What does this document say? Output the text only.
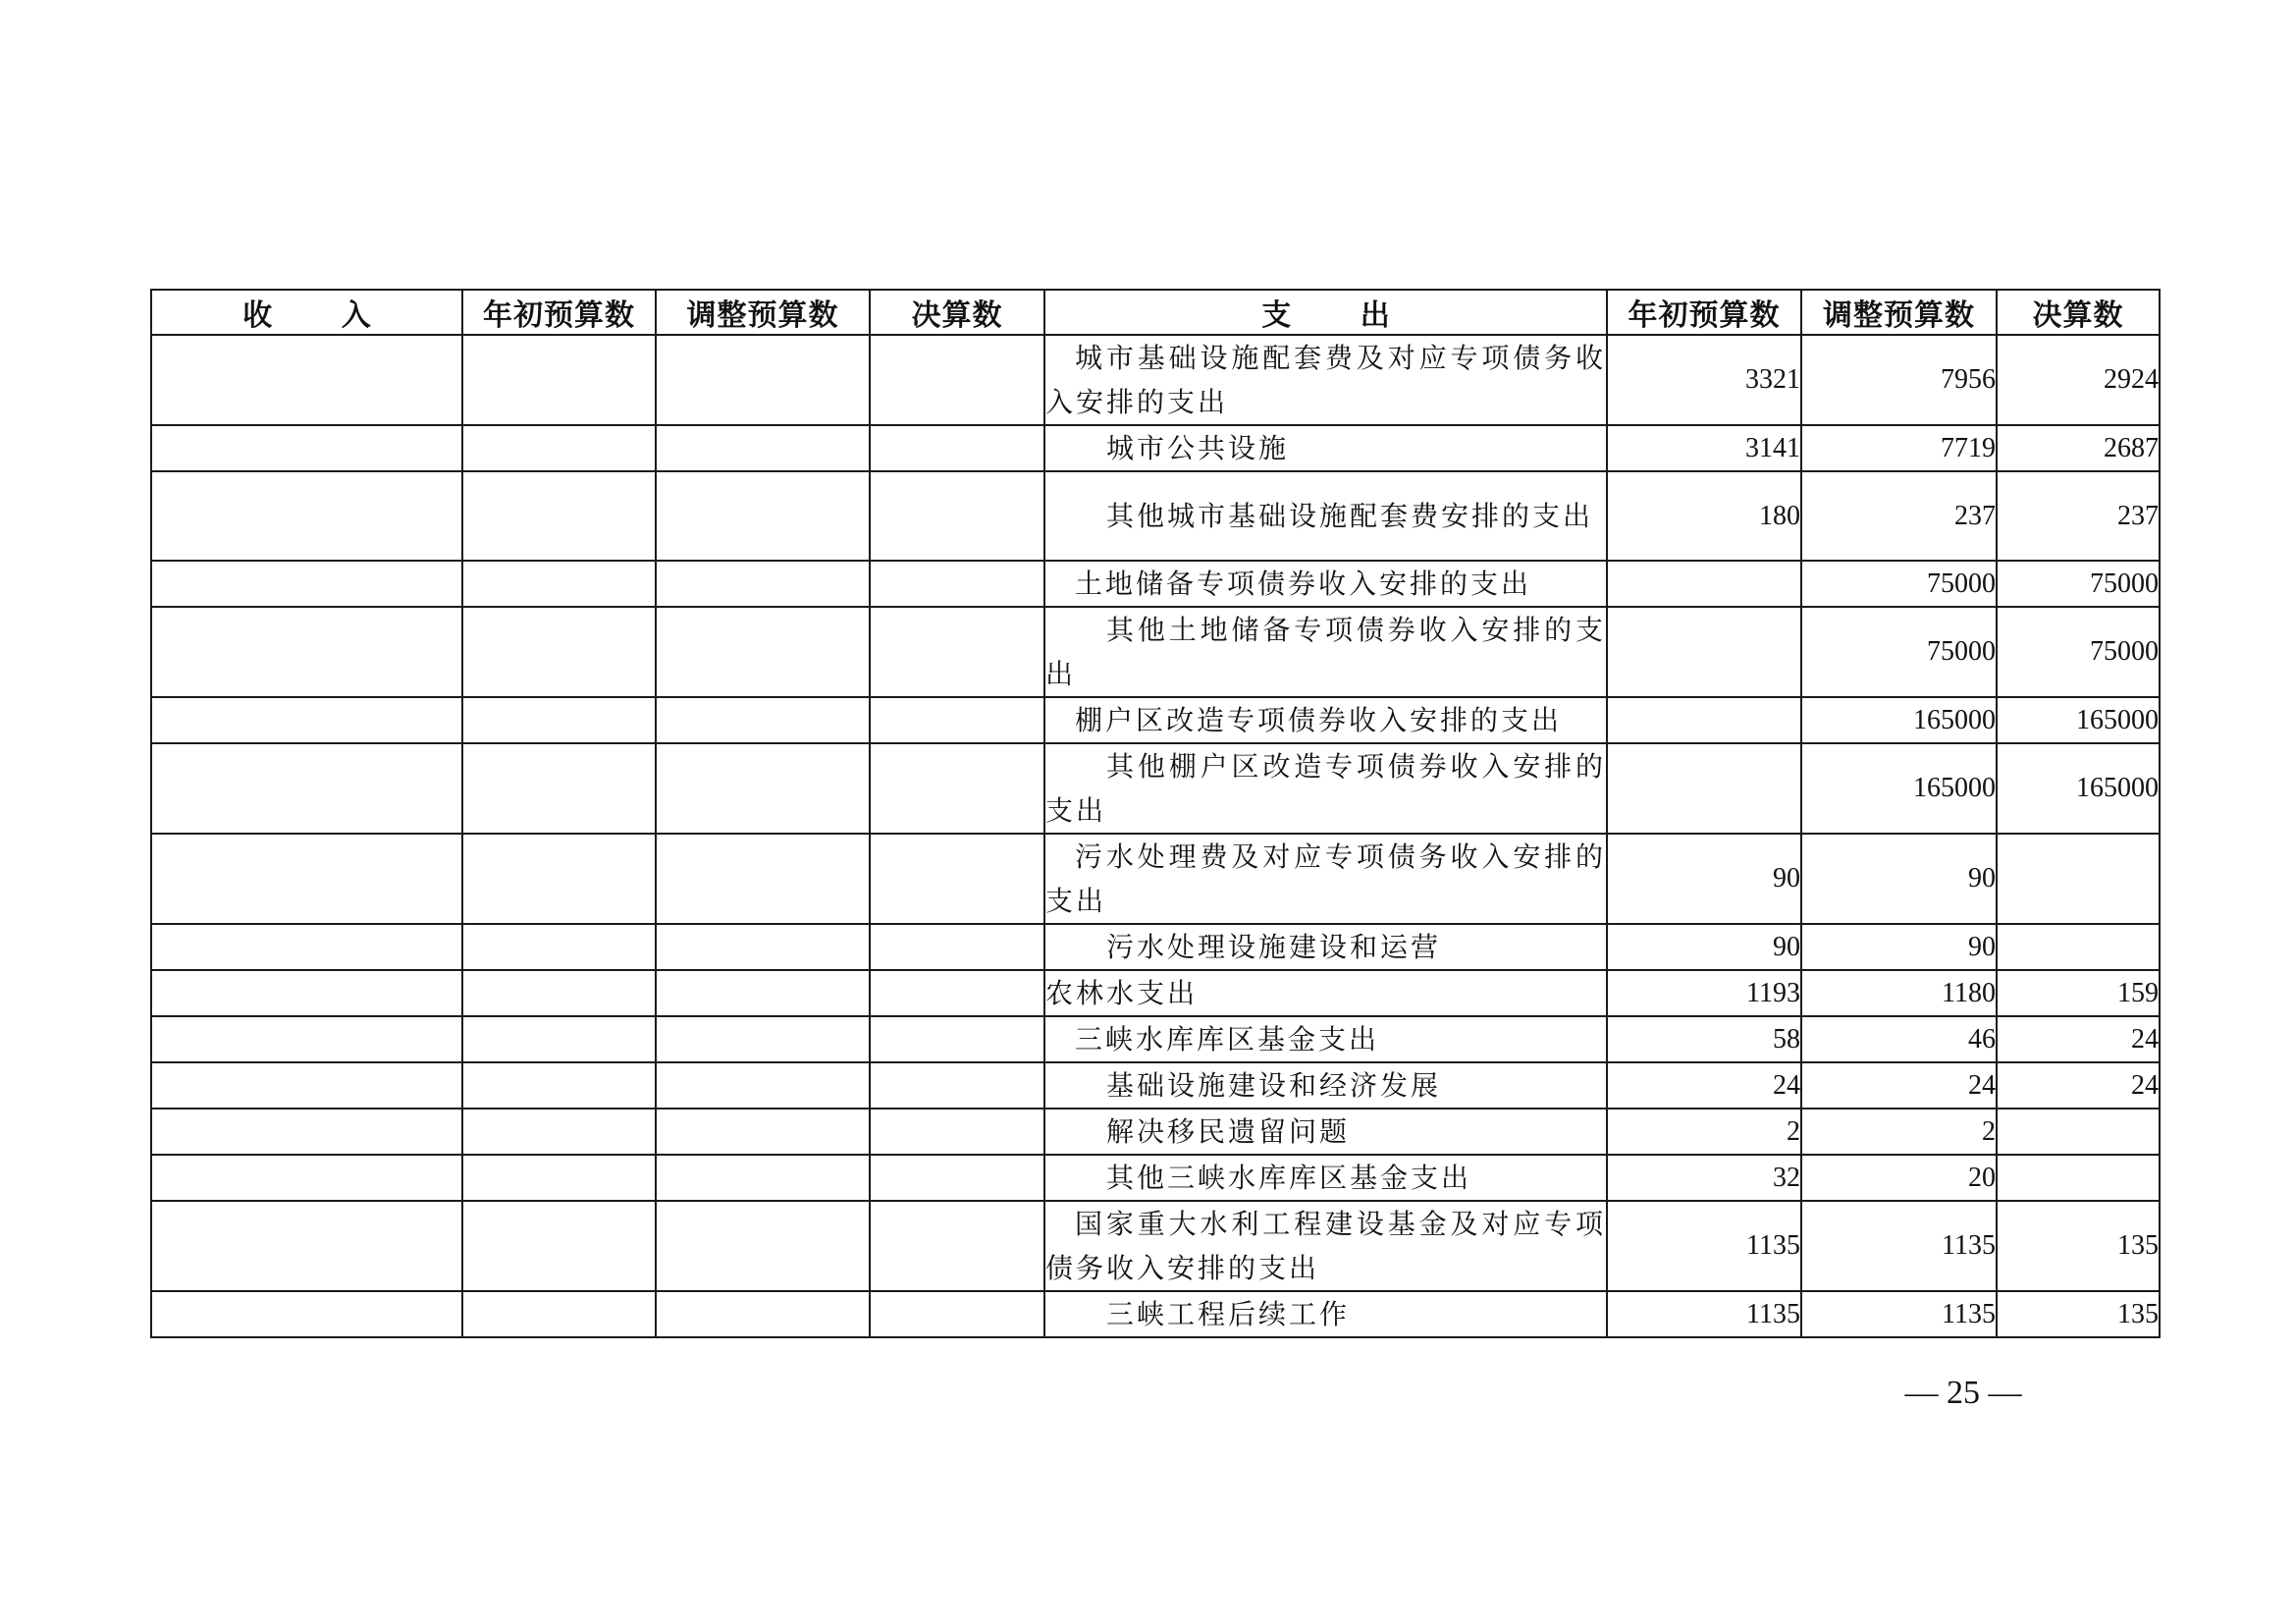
收 入	年初预算数	调整预算数	决算数	支 出	年初预算数	调整预算数	决算数
				城市基础设施配套费及对应专项债务收入安排的支出	3321	7956	2924
				城市公共设施	3141	7719	2687
				其他城市基础设施配套费安排的支出	180	237	237
				土地储备专项债券收入安排的支出		75000	75000
				其他土地储备专项债券收入安排的支出		75000	75000
				棚户区改造专项债券收入安排的支出		165000	165000
				其他棚户区改造专项债券收入安排的支出		165000	165000
				污水处理费及对应专项债务收入安排的支出	90	90	
				污水处理设施建设和运营	90	90	
				农林水支出	1193	1180	159
				三峡水库库区基金支出	58	46	24
				基础设施建设和经济发展	24	24	24
				解决移民遗留问题	2	2	
				其他三峡水库库区基金支出	32	20	
				国家重大水利工程建设基金及对应专项债务收入安排的支出	1135	1135	135
				三峡工程后续工作	1135	1135	135
— 25 —
